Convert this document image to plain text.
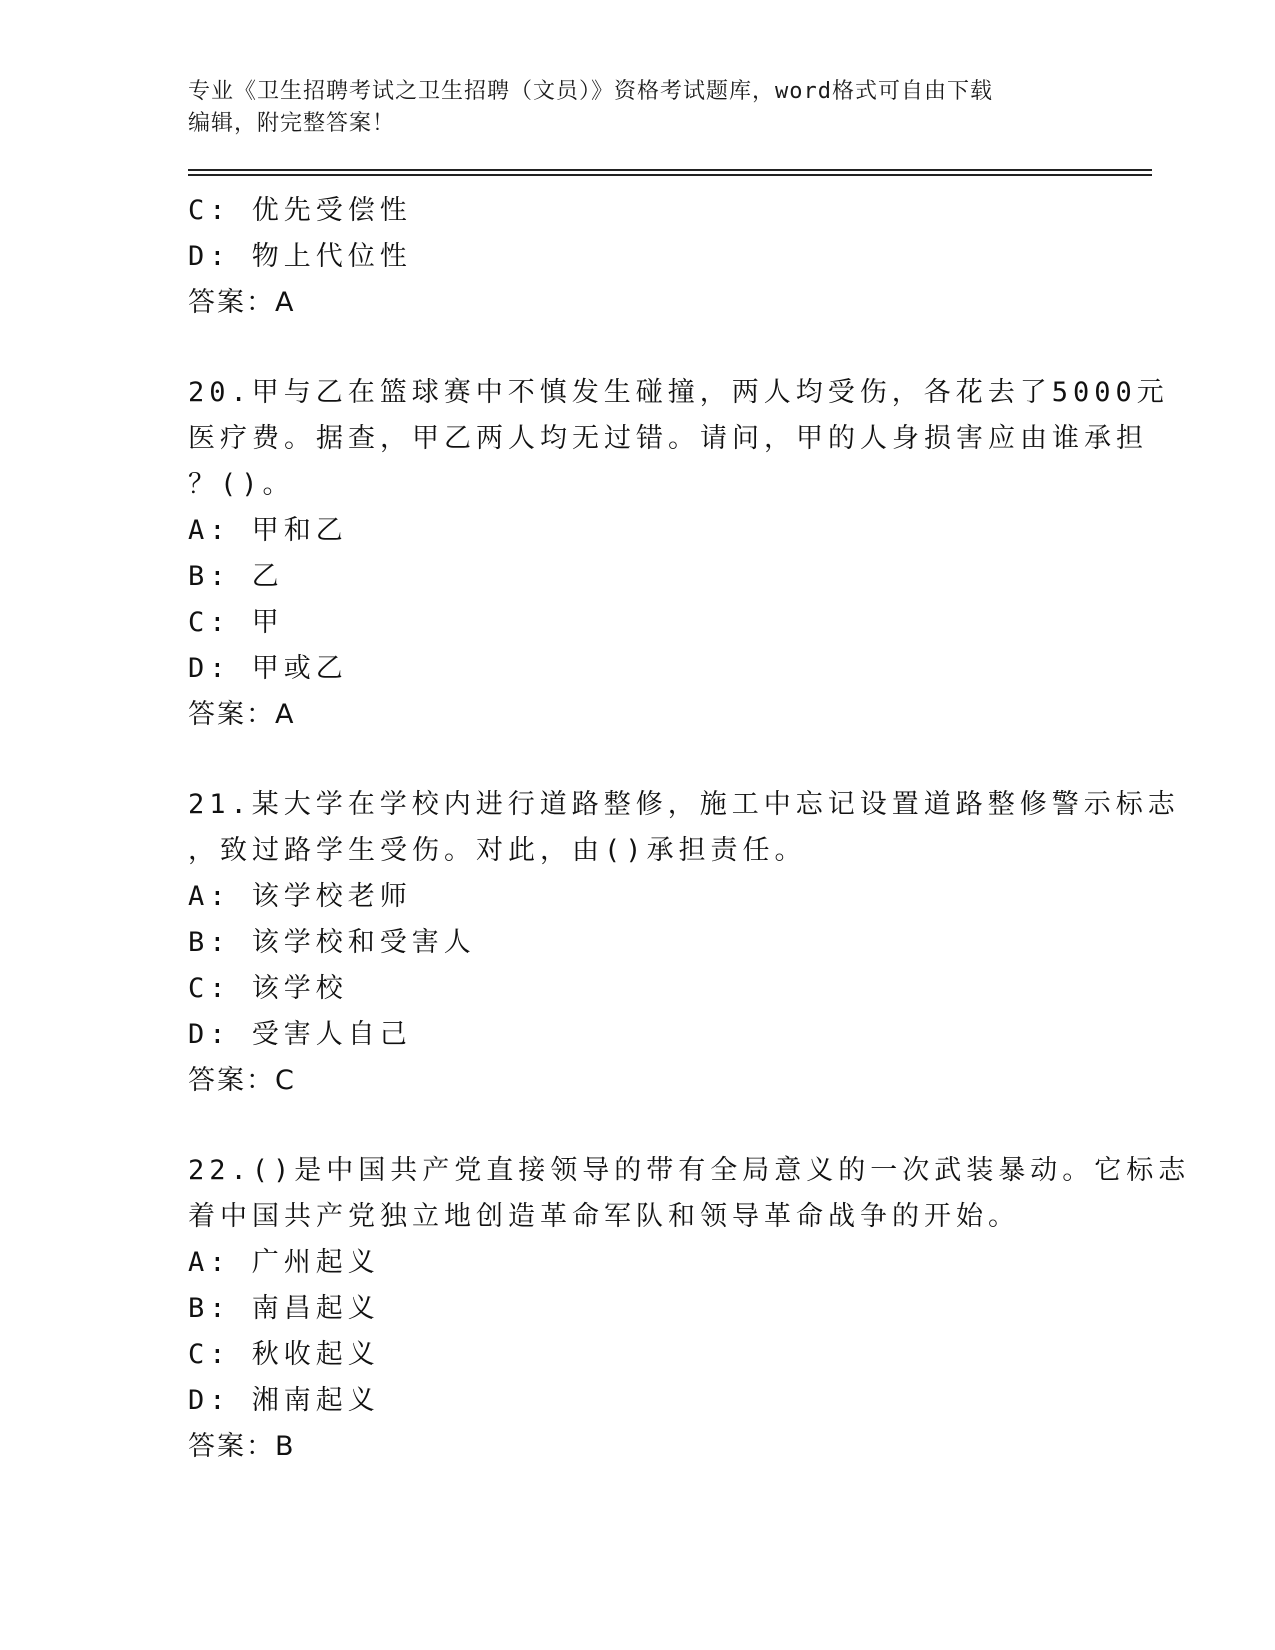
专业《卫生招聘考试之卫生招聘（文员）》资格考试题库，word格式可自由下载
编辑，附完整答案！
C: 优先受偿性
D: 物上代位性
答案：A
20.甲与乙在篮球赛中不慎发生碰撞，两人均受伤，各花去了5000元
医疗费。据查，甲乙两人均无过错。请问，甲的人身损害应由谁承担
？()。
A: 甲和乙
B: 乙
C: 甲
D: 甲或乙
答案：A
21.某大学在学校内进行道路整修，施工中忘记设置道路整修警示标志
，致过路学生受伤。对此，由()承担责任。
A: 该学校老师
B: 该学校和受害人
C: 该学校
D: 受害人自己
答案：C
22.()是中国共产党直接领导的带有全局意义的一次武装暴动。它标志
着中国共产党独立地创造革命军队和领导革命战争的开始。
A: 广州起义
B: 南昌起义
C: 秋收起义
D: 湘南起义
答案：B
